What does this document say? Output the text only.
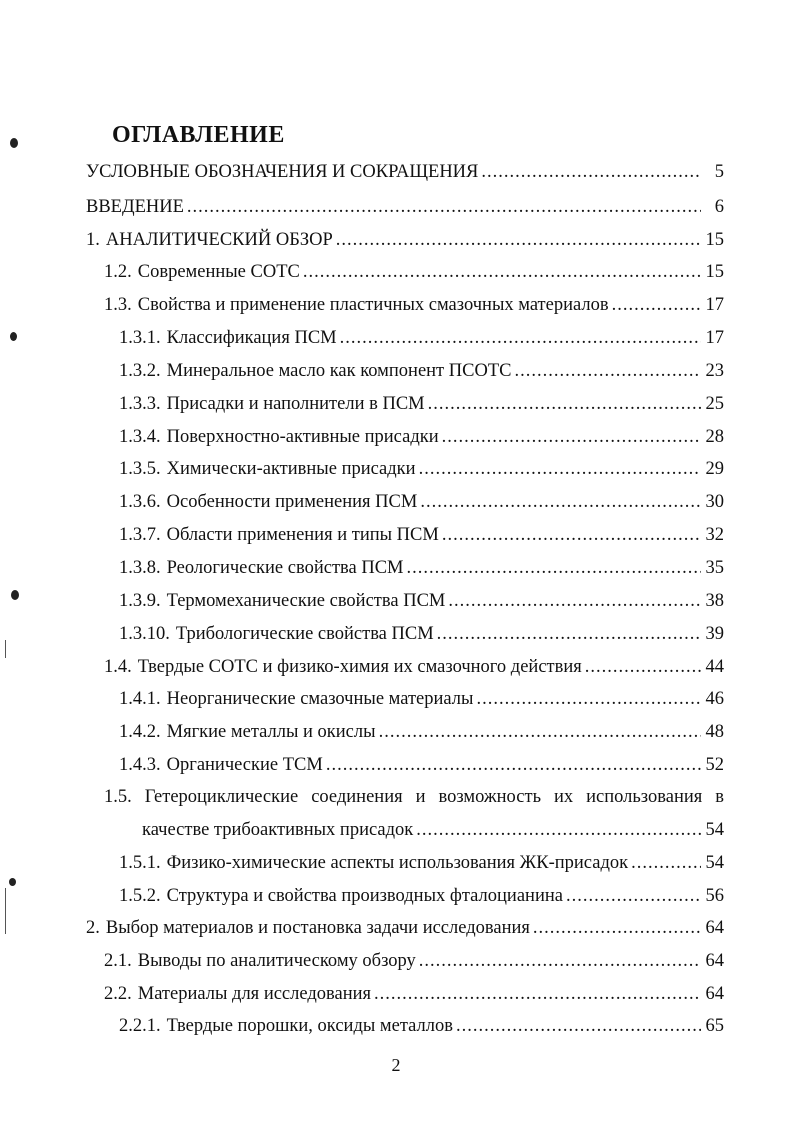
ОГЛАВЛЕНИЕ
УСЛОВНЫЕ ОБОЗНАЧЕНИЯ И СОКРАЩЕНИЯ .....	5
ВВЕДЕНИЕ .....	6
1. АНАЛИТИЧЕСКИЙ ОБЗОР .....	15
1.2. Современные СОТС .....	15
1.3. Свойства и применение пластичных смазочных материалов .....	17
1.3.1. Классификация ПСМ .....	17
1.3.2. Минеральное масло как компонент ПСОТС .....	23
1.3.3. Присадки и наполнители в ПСМ .....	25
1.3.4. Поверхностно-активные присадки .....	28
1.3.5. Химически-активные присадки .....	29
1.3.6. Особенности применения ПСМ .....	30
1.3.7. Области применения и типы ПСМ .....	32
1.3.8. Реологические свойства ПСМ .....	35
1.3.9. Термомеханические свойства ПСМ .....	38
1.3.10. Трибологические свойства ПСМ .....	39
1.4. Твердые СОТС и физико-химия их смазочного действия .....	44
1.4.1. Неорганические смазочные материалы .....	46
1.4.2. Мягкие металлы и окислы .....	48
1.4.3. Органические ТСМ .....	52
1.5. Гетероциклические соединения и возможность их использования в
качестве трибоактивных присадок .....	54
1.5.1. Физико-химические аспекты использования ЖК-присадок .....	54
1.5.2. Структура и свойства производных фталоцианина .....	56
2. Выбор материалов и постановка задачи исследования .....	64
2.1. Выводы по аналитическому обзору .....	64
2.2. Материалы для исследования .....	64
2.2.1. Твердые порошки, оксиды металлов .....	65
2
